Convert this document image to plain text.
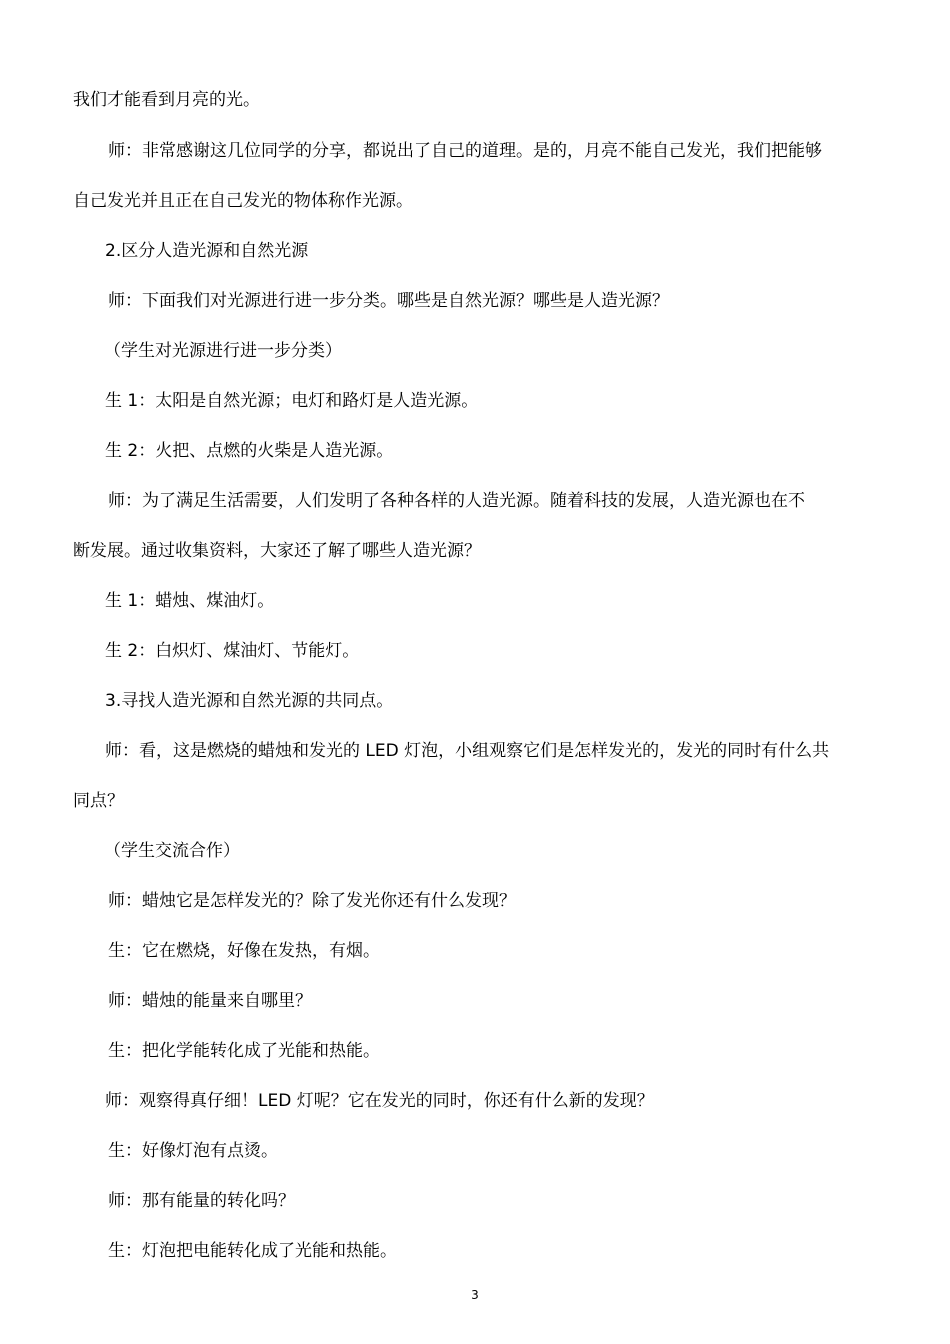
我们才能看到月亮的光。
师：非常感谢这几位同学的分享，都说出了自己的道理。是的，月亮不能自己发光，我们把能够
自己发光并且正在自己发光的物体称作光源。
2.区分人造光源和自然光源
师：下面我们对光源进行进一步分类。哪些是自然光源？哪些是人造光源？
（学生对光源进行进一步分类）
生 1：太阳是自然光源；电灯和路灯是人造光源。
生 2：火把、点燃的火柴是人造光源。
师：为了满足生活需要，人们发明了各种各样的人造光源。随着科技的发展，人造光源也在不
断发展。通过收集资料，大家还了解了哪些人造光源？
生 1：蜡烛、煤油灯。
生 2：白炽灯、煤油灯、节能灯。
3.寻找人造光源和自然光源的共同点。
师：看，这是燃烧的蜡烛和发光的 LED 灯泡，小组观察它们是怎样发光的，发光的同时有什么共
同点？
（学生交流合作）
师：蜡烛它是怎样发光的？除了发光你还有什么发现？
生：它在燃烧，好像在发热，有烟。
师：蜡烛的能量来自哪里？
生：把化学能转化成了光能和热能。
师：观察得真仔细！LED 灯呢？它在发光的同时，你还有什么新的发现？
生：好像灯泡有点烫。
师：那有能量的转化吗？
生：灯泡把电能转化成了光能和热能。
3
